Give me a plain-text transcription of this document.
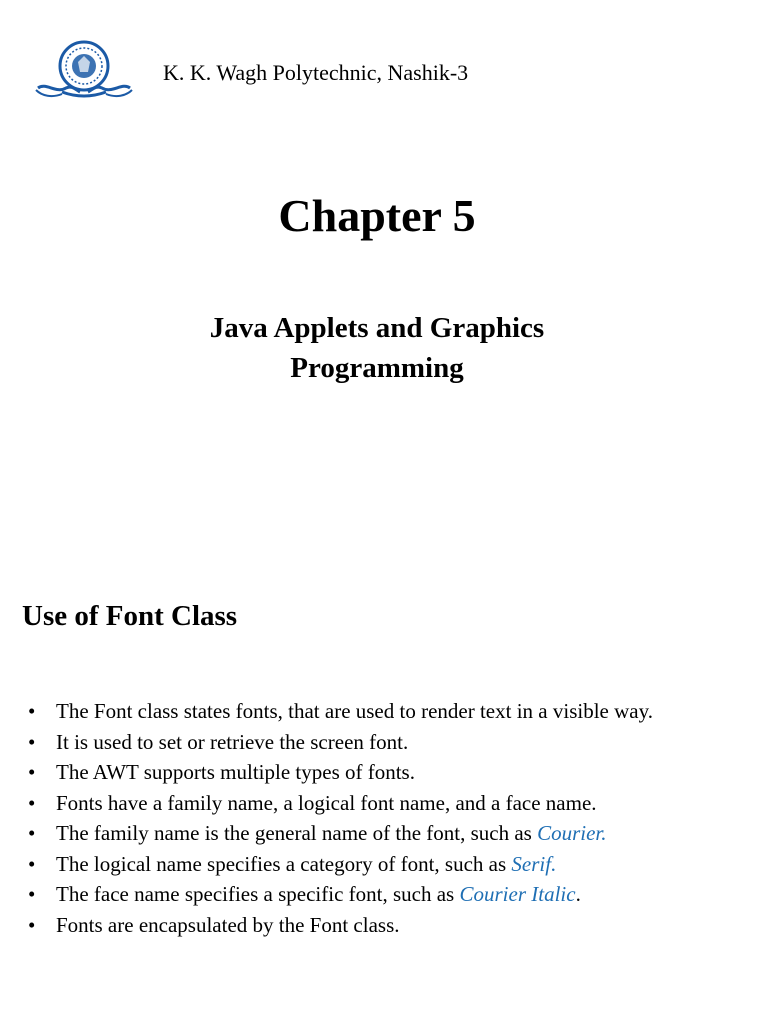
K. K. Wagh Polytechnic, Nashik-3
Chapter 5
Java Applets and Graphics
Programming
Use of Font Class
• The Font class states fonts, that are used to render text in a visible way.
• It is used to set or retrieve the screen font.
• The AWT supports multiple types of fonts.
• Fonts have a family name, a logical font name, and a face name.
• The family name is the general name of the font, such as Courier.
• The logical name specifies a category of font, such as Serif.
• The face name specifies a specific font, such as Courier Italic.
• Fonts are encapsulated by the Font class.
